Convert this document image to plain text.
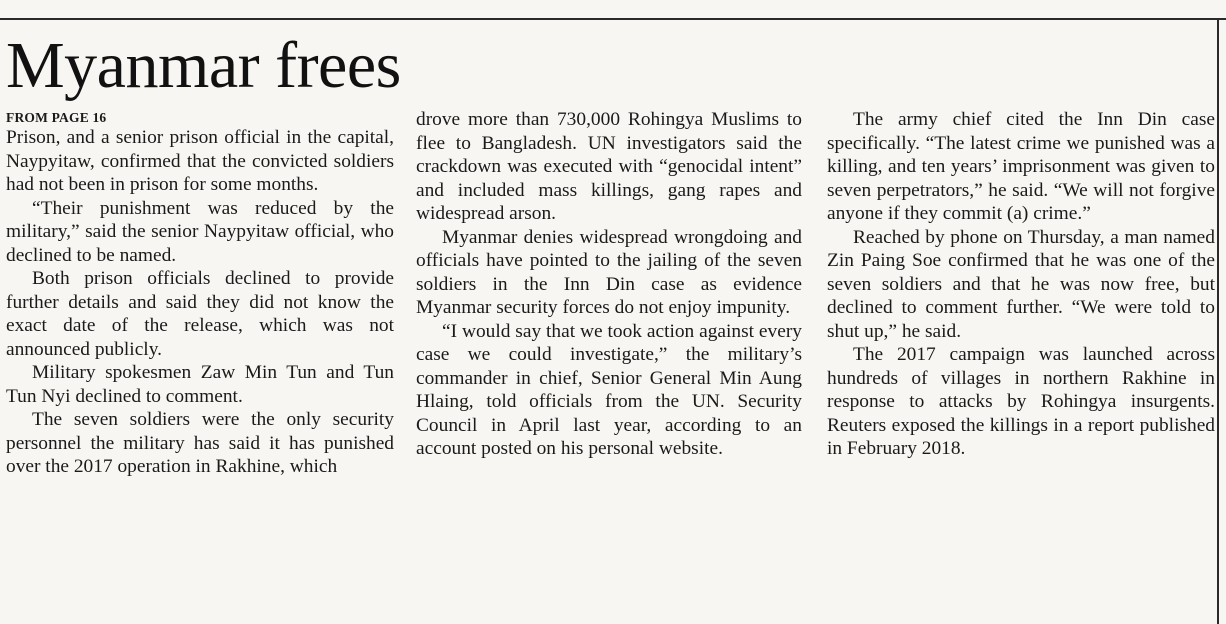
Myanmar frees
FROM PAGE 16

Prison, and a senior prison official in the capital, Naypyitaw, confirmed that the convicted soldiers had not been in prison for some months.

“Their punishment was reduced by the military,” said the senior Naypyitaw official, who declined to be named.

Both prison officials declined to provide further details and said they did not know the exact date of the release, which was not announced publicly.

Military spokesmen Zaw Min Tun and Tun Tun Nyi declined to comment.

The seven soldiers were the only security personnel the military has said it has punished over the 2017 operation in Rakhine, which

drove more than 730,000 Rohingya Muslims to flee to Bangladesh. UN investigators said the crackdown was executed with “genocidal intent” and included mass killings, gang rapes and widespread arson.

Myanmar denies widespread wrongdoing and officials have pointed to the jailing of the seven soldiers in the Inn Din case as evidence Myanmar security forces do not enjoy impunity.

“I would say that we took action against every case we could investigate,” the military’s commander in chief, Senior General Min Aung Hlaing, told officials from the UN. Security Council in April last year, according to an account posted on his personal website.

The army chief cited the Inn Din case specifically. “The latest crime we punished was a killing, and ten years’ imprisonment was given to seven perpetrators,” he said. “We will not forgive anyone if they commit (a) crime.”

Reached by phone on Thursday, a man named Zin Paing Soe confirmed that he was one of the seven soldiers and that he was now free, but declined to comment further. “We were told to shut up,” he said.

The 2017 campaign was launched across hundreds of villages in northern Rakhine in response to attacks by Rohingya insurgents. Reuters exposed the killings in a report published in February 2018.
